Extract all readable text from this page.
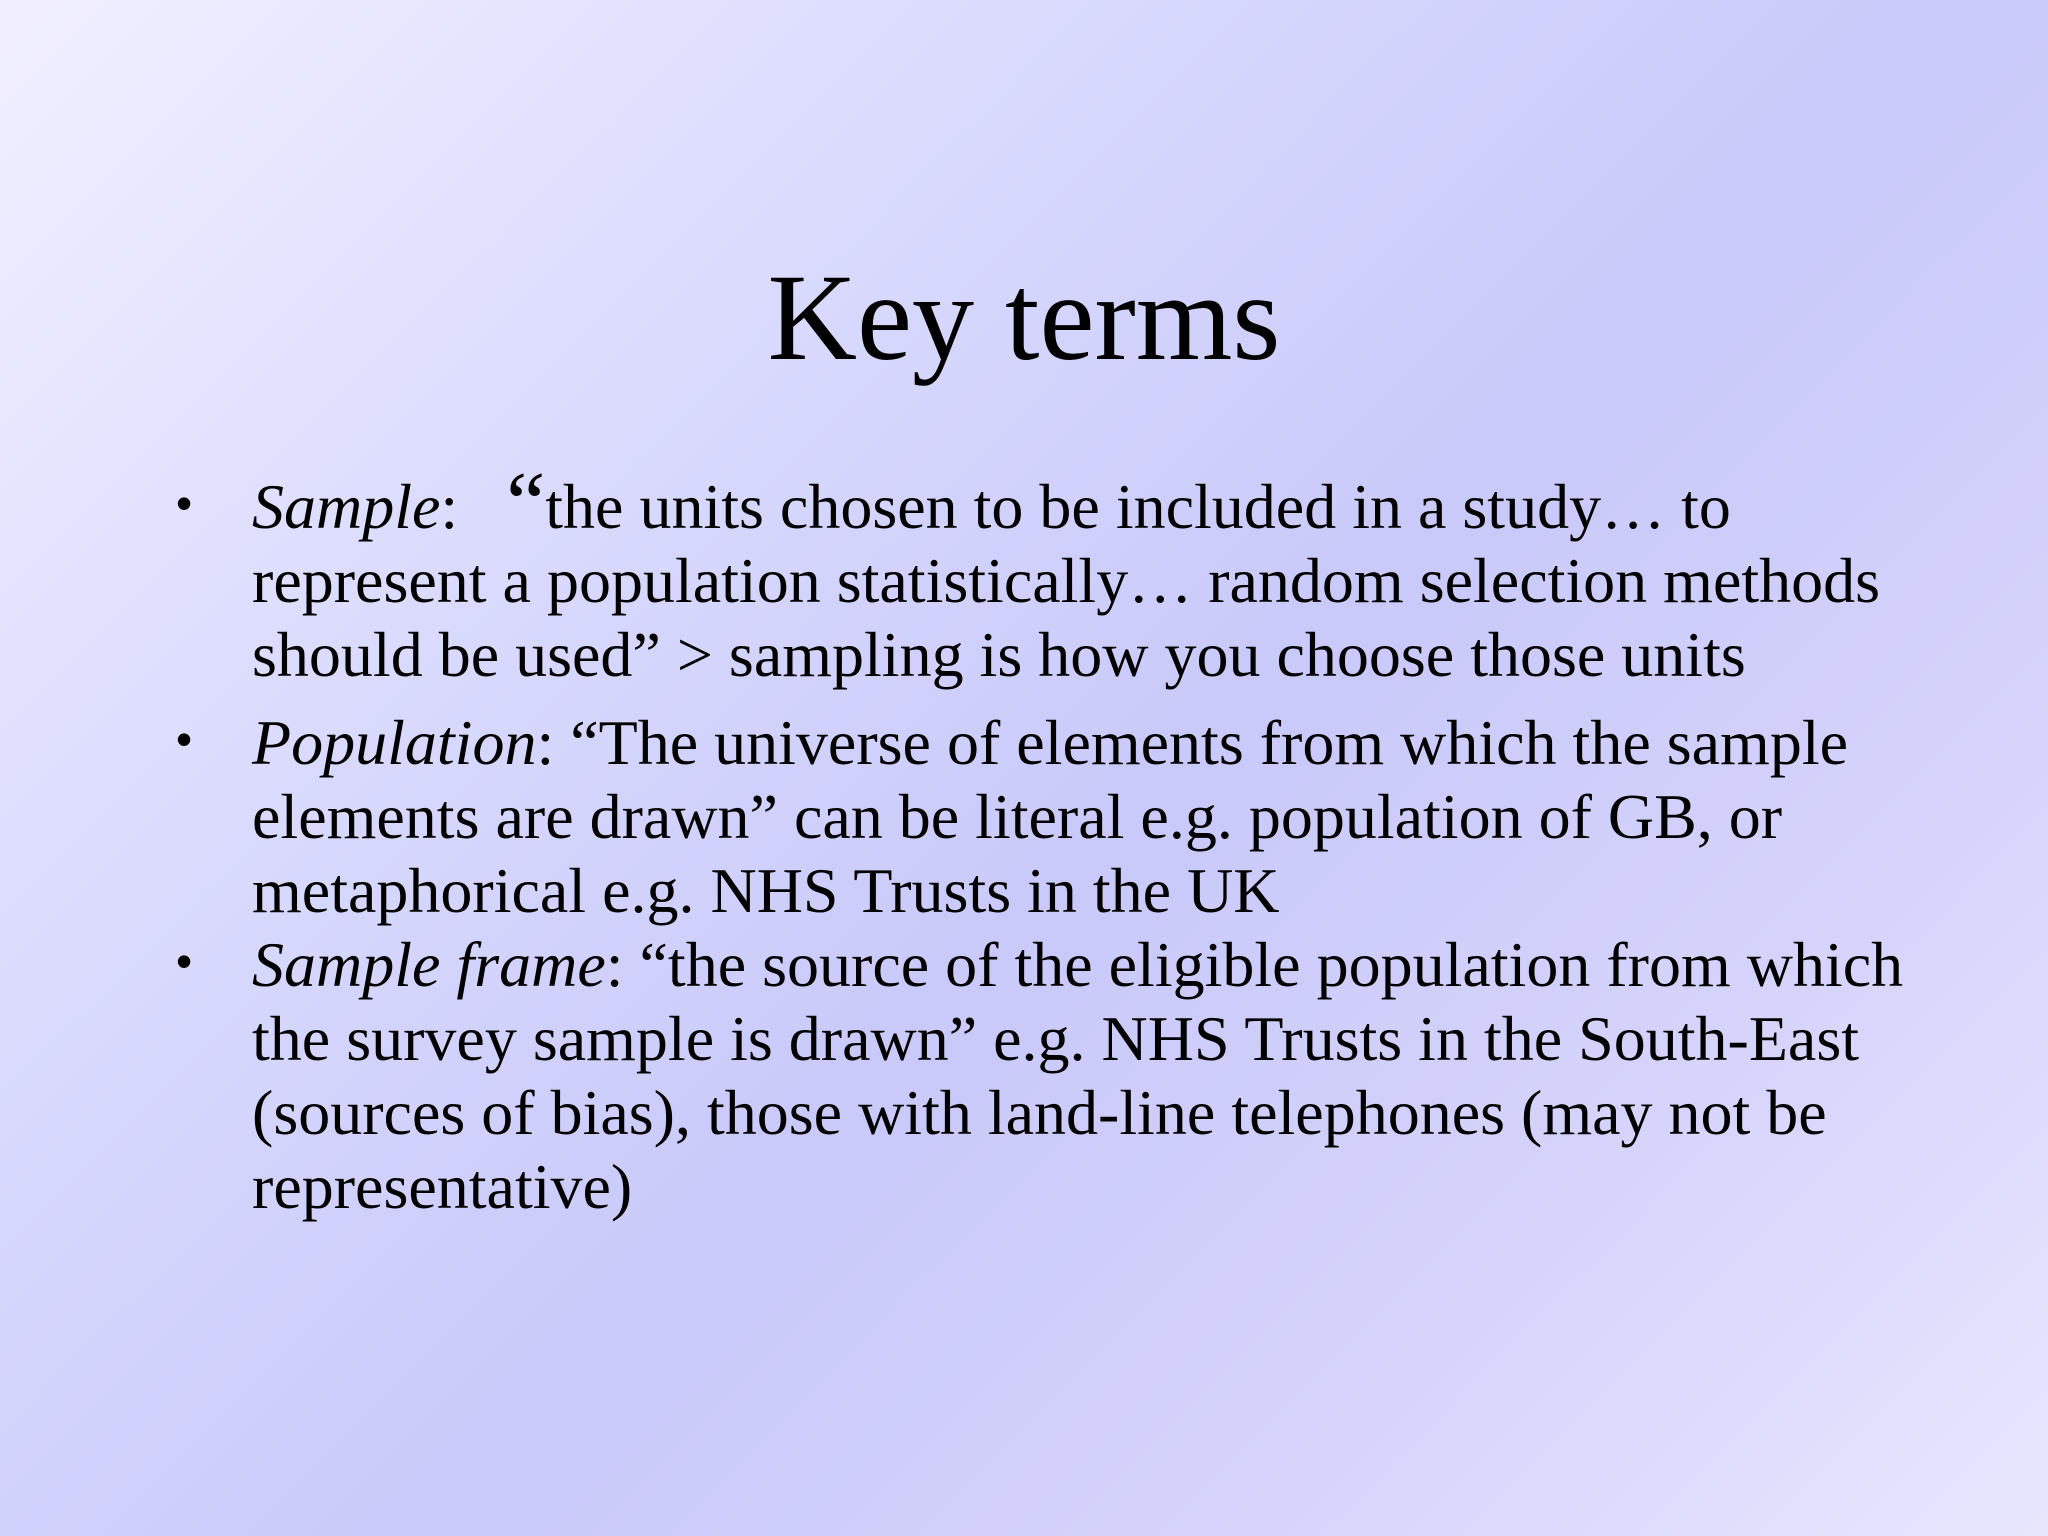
Key terms
• Sample: “the units chosen to be included in a study… to represent a population statistically… random selection methods should be used” > sampling is how you choose those units
• Population: “The universe of elements from which the sample elements are drawn” can be literal e.g. population of GB, or metaphorical e.g. NHS Trusts in the UK
• Sample frame: “the source of the eligible population from which the survey sample is drawn” e.g. NHS Trusts in the South-East (sources of bias), those with land-line telephones (may not be representative)
